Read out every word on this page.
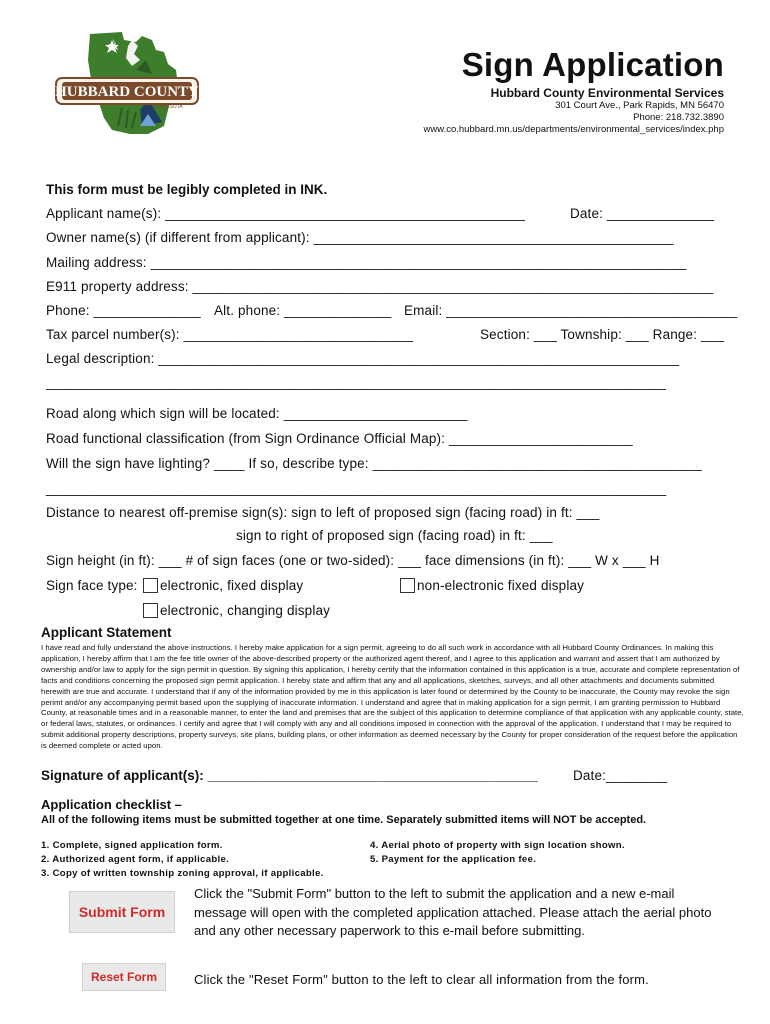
HUBBARD COUNTY
MINNESOTA
Sign Application
Hubbard County Environmental Services
301 Court Ave., Park Rapids, MN 56470
Phone: 218.732.3890
www.co.hubbard.mn.us/departments/environmental_services/index.php
This form must be legibly completed in INK.
Applicant name(s): _______________________________________________	Date: ______________
Owner name(s) (if different from applicant): _______________________________________________
Mailing address: ______________________________________________________________________
E911 property address: ____________________________________________________________________
Phone: ______________ Alt. phone: ______________ Email: ______________________________________
Tax parcel number(s): ______________________________	Section: ___ Township: ___ Range: ___
Legal description: ____________________________________________________________________
_________________________________________________________________________________
Road along which sign will be located: ________________________
Road functional classification (from Sign Ordinance Official Map): ________________________
Will the sign have lighting? ____ If so, describe type: ___________________________________________
_________________________________________________________________________________
Distance to nearest off-premise sign(s): sign to left of proposed sign (facing road) in ft: ___
sign to right of proposed sign (facing road) in ft: ___
Sign height (in ft): ___ # of sign faces (one or two-sided): ___ face dimensions (in ft): ___ W x ___ H
Sign face type:	electronic, fixed display	non-electronic fixed display
electronic, changing display
Applicant Statement
I have read and fully understand the above instructions. I hereby make application for a sign permit, agreeing to do all such work in accordance with all Hubbard County Ordinances. In making this application, I hereby affirm that I am the fee title owner of the above-described property or the authorized agent thereof, and I agree to this application and warrant and assert that I am authorized by ownership and/or law to apply for the sign permit in question. By signing this application, I hereby certify that the information contained in this application is a true, accurate and complete representation of facts and conditions concerning the proposed sign permit application. I hereby state and affirm that any and all applications, sketches, surveys, and all other attachments and documents submitted herewith are true and accurate. I understand that if any of the information provided by me in this application is later found or determined by the County to be inaccurate, the County may revoke the sign perimt and/or any accompanying permit based upon the supplying of inaccurate information. I understand and agree that in making application for a sign permit, I am granting permission to Hubbard County, at reasonable times and in a reasonable manner, to enter the land and premises that are the subject of this application to determine compliance of that application with any applicable county, state, or federal laws, statutes, or ordinances. I certify and agree that I will comply with any and all conditions imposed in connection with the approval of the application. I understand that I may be required to submit additional property descriptions, property surveys, site plans, building plans, or other information as deemed necessary by the County for proper consideration of the request before the application is deemed complete or acted upon.
Signature of applicant(s): ____________________________________________	Date:________
Application checklist –
All of the following items must be submitted together at one time. Separately submitted items will NOT be accepted.
1. Complete, signed application form.
2. Authorized agent form, if applicable.
3. Copy of written township zoning approval, if applicable.
4. Aerial photo of property with sign location shown.
5. Payment for the application fee.
Submit Form
Click the "Submit Form" button to the left to submit the application and a new e-mail message will open with the completed application attached. Please attach the aerial photo and any other necessary paperwork to this e-mail before submitting.
Reset Form	Click the "Reset Form" button to the left to clear all information from the form.
